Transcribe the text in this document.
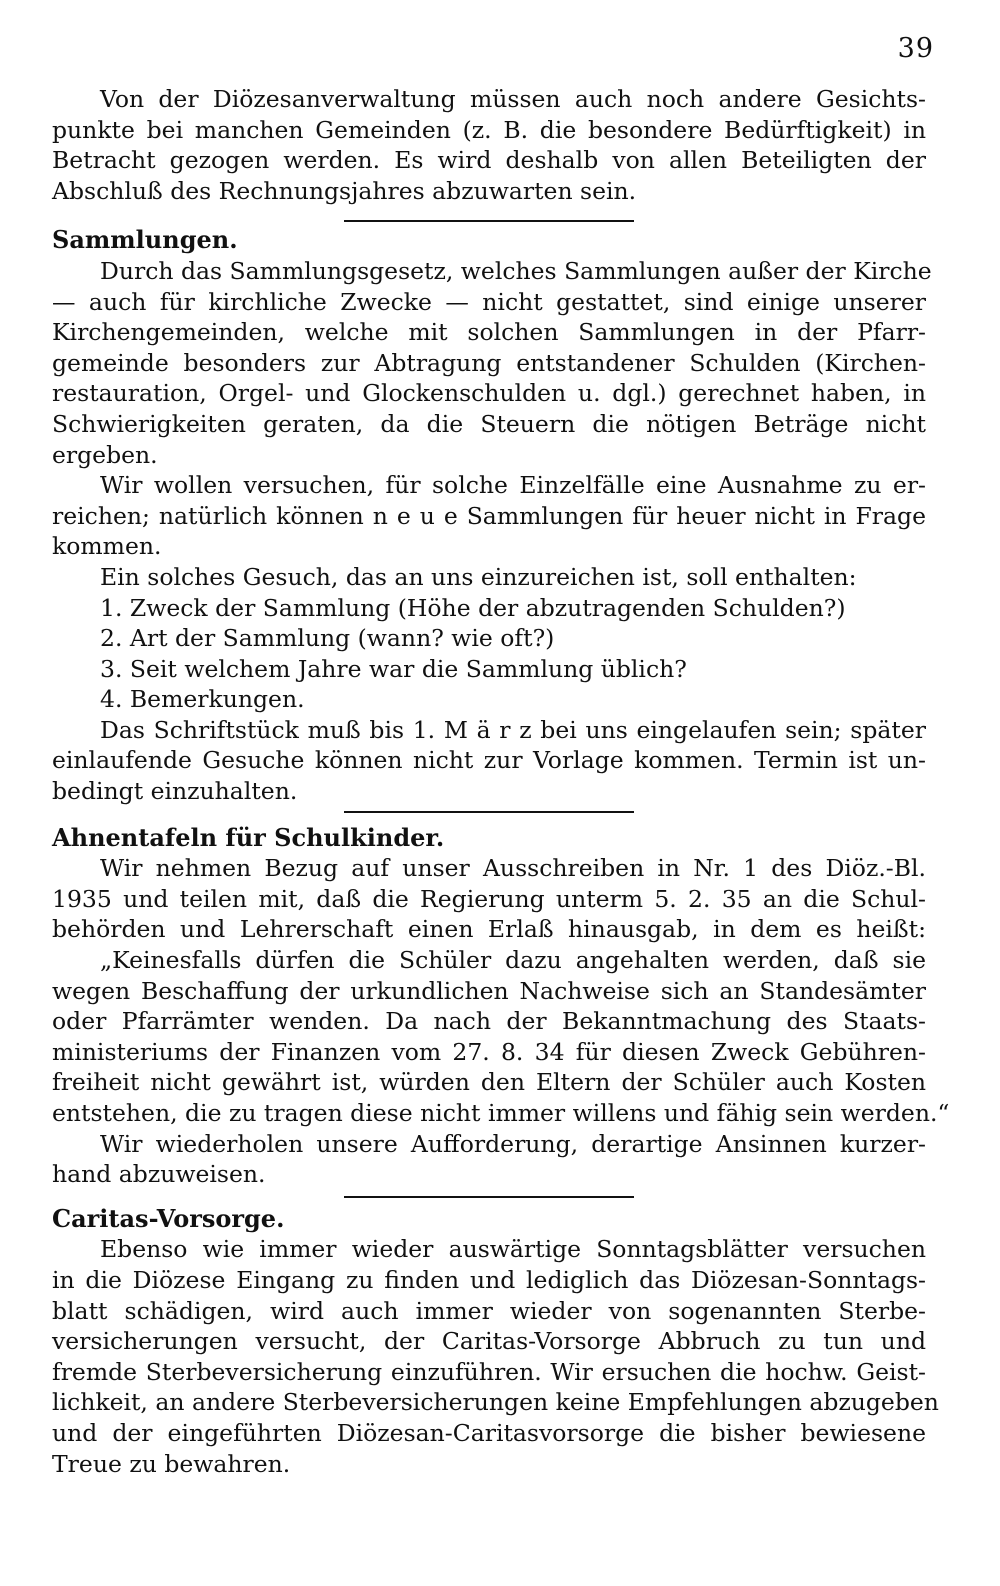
39
Von der Diözesanverwaltung müssen auch noch andere Gesichts-
punkte bei manchen Gemeinden (z. B. die besondere Bedürftigkeit) in
Betracht gezogen werden. Es wird deshalb von allen Beteiligten der
Abschluß des Rechnungsjahres abzuwarten sein.
Sammlungen.
Durch das Sammlungsgesetz, welches Sammlungen außer der Kirche
— auch für kirchliche Zwecke — nicht gestattet, sind einige unserer
Kirchengemeinden, welche mit solchen Sammlungen in der Pfarr-
gemeinde besonders zur Abtragung entstandener Schulden (Kirchen-
restauration, Orgel- und Glockenschulden u. dgl.) gerechnet haben, in
Schwierigkeiten geraten, da die Steuern die nötigen Beträge nicht
ergeben.
Wir wollen versuchen, für solche Einzelfälle eine Ausnahme zu er-
reichen; natürlich können n e u e Sammlungen für heuer nicht in Frage
kommen.
Ein solches Gesuch, das an uns einzureichen ist, soll enthalten:
1. Zweck der Sammlung (Höhe der abzutragenden Schulden?)
2. Art der Sammlung (wann? wie oft?)
3. Seit welchem Jahre war die Sammlung üblich?
4. Bemerkungen.
Das Schriftstück muß bis 1. M ä r z bei uns eingelaufen sein; später
einlaufende Gesuche können nicht zur Vorlage kommen. Termin ist un-
bedingt einzuhalten.
Ahnentafeln für Schulkinder.
Wir nehmen Bezug auf unser Ausschreiben in Nr. 1 des Diöz.-Bl.
1935 und teilen mit, daß die Regierung unterm 5. 2. 35 an die Schul-
behörden und Lehrerschaft einen Erlaß hinausgab, in dem es heißt:
„Keinesfalls dürfen die Schüler dazu angehalten werden, daß sie
wegen Beschaffung der urkundlichen Nachweise sich an Standesämter
oder Pfarrämter wenden. Da nach der Bekanntmachung des Staats-
ministeriums der Finanzen vom 27. 8. 34 für diesen Zweck Gebühren-
freiheit nicht gewährt ist, würden den Eltern der Schüler auch Kosten
entstehen, die zu tragen diese nicht immer willens und fähig sein werden.“
Wir wiederholen unsere Aufforderung, derartige Ansinnen kurzer-
hand abzuweisen.
Caritas-Vorsorge.
Ebenso wie immer wieder auswärtige Sonntagsblätter versuchen
in die Diözese Eingang zu finden und lediglich das Diözesan-Sonntags-
blatt schädigen, wird auch immer wieder von sogenannten Sterbe-
versicherungen versucht, der Caritas-Vorsorge Abbruch zu tun und
fremde Sterbeversicherung einzuführen. Wir ersuchen die hochw. Geist-
lichkeit, an andere Sterbeversicherungen keine Empfehlungen abzugeben
und der eingeführten Diözesan-Caritasvorsorge die bisher bewiesene
Treue zu bewahren.
